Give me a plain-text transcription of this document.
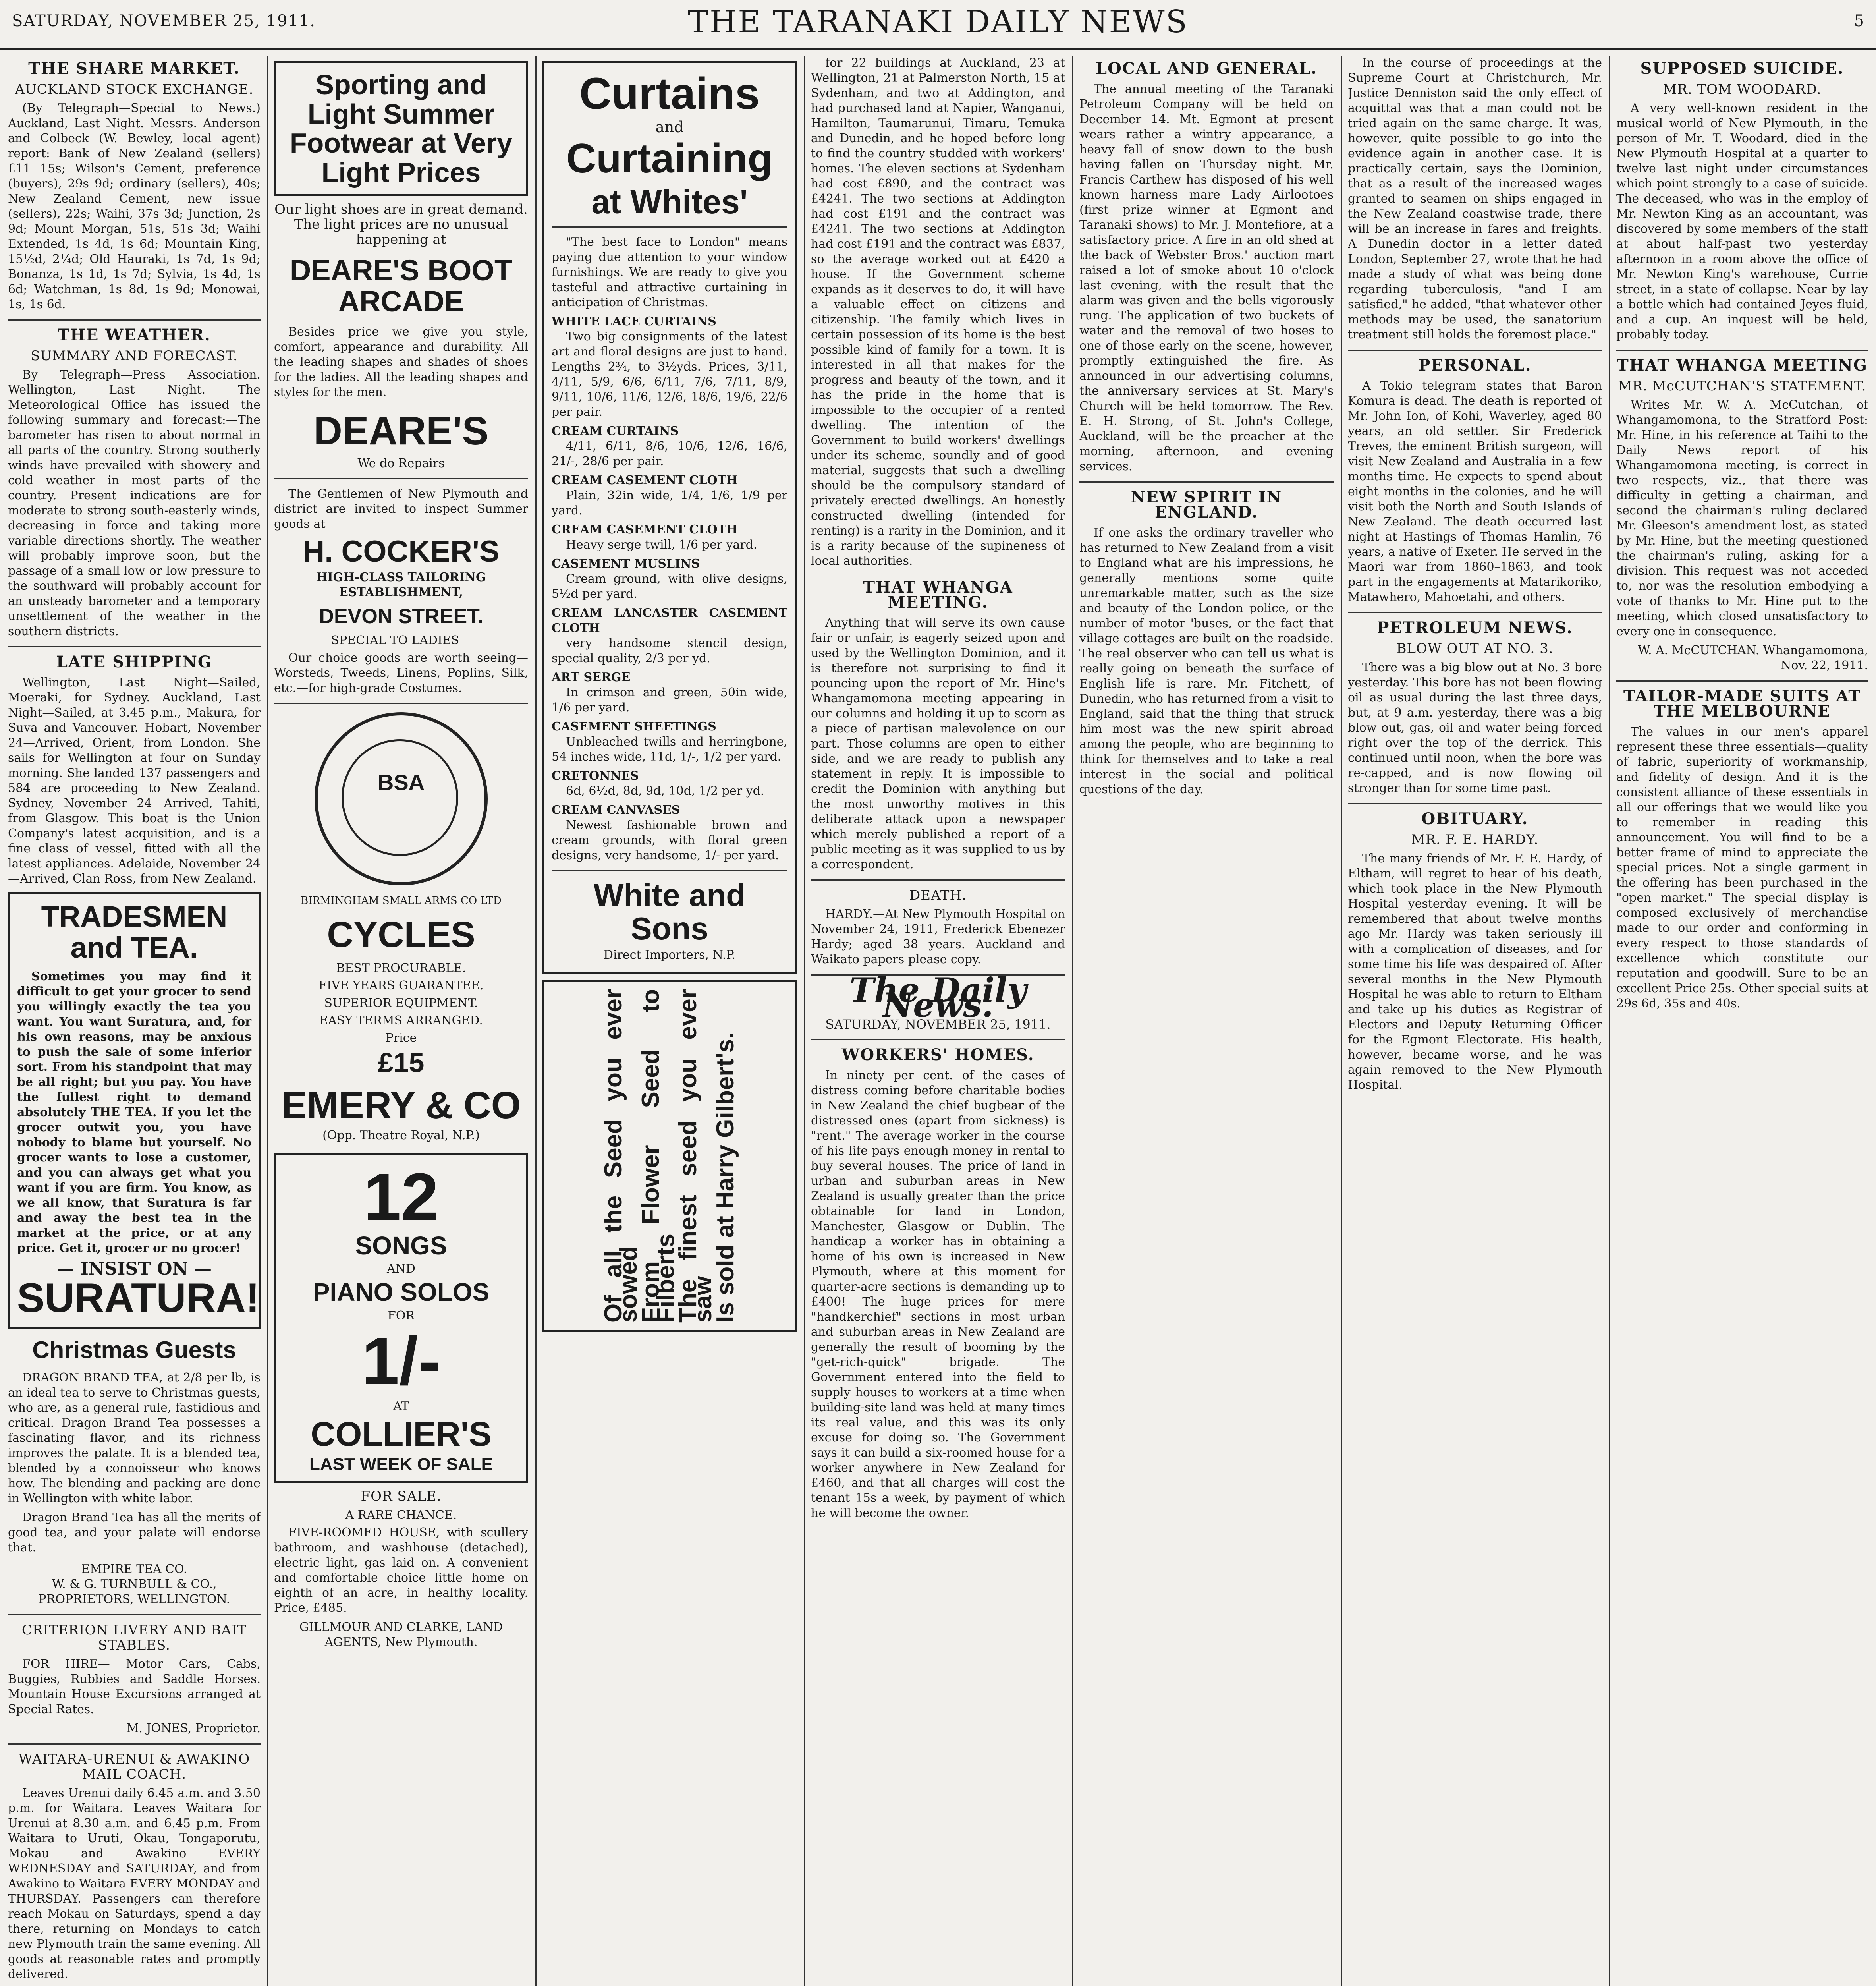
SATURDAY, NOVEMBER 25, 1911.	THE TARANAKI DAILY NEWS	5
THE SHARE MARKET.
AUCKLAND STOCK EXCHANGE.

(By Telegraph—Special to News.) Auckland, Last Night. Messrs. Anderson and Colbeck (W. Bewley, local agent) report: Bank of New Zealand (sellers) £11 15s; Wilson's Cement, preference (buyers), 29s 9d; ordinary (sellers), 40s; New Zealand Cement, new issue (sellers), 22s; Waihi, 37s 3d; Junction, 2s 9d; Mount Morgan, 51s, 51s 3d; Waihi Extended, 1s 4d, 1s 6d; Mountain King, 15½d, 2¼d; Old Hauraki, 1s 7d, 1s 9d; Bonanza, 1s 1d, 1s 7d; Sylvia, 1s 4d, 1s 6d; Watchman, 1s 8d, 1s 9d; Monowai, 1s, 1s 6d.

THE WEATHER.
SUMMARY AND FORECAST.

By Telegraph—Press Association. Wellington, Last Night. The Meteorological Office has issued the following summary and forecast:—The barometer has risen to about normal in all parts of the country. Strong southerly winds have prevailed with showery and cold weather in most parts of the country. Present indications are for moderate to strong south-easterly winds, decreasing in force and taking more variable directions shortly. The weather will probably improve soon, but the passage of a small low or low pressure to the southward will probably account for an unsteady barometer and a temporary unsettlement of the weather in the southern districts.

LATE SHIPPING

Wellington, Last Night—Sailed, Moeraki, for Sydney. Auckland, Last Night—Sailed, at 3.45 p.m., Makura, for Suva and Vancouver. Hobart, November 24—Arrived, Orient, from London. She sails for Wellington at four on Sunday morning. She landed 137 passengers and 584 are proceeding to New Zealand. Sydney, November 24—Arrived, Tahiti, from Glasgow. This boat is the Union Company's latest acquisition, and is a fine class of vessel, fitted with all the latest appliances. Adelaide, November 24—Arrived, Clan Ross, from New Zealand.

TRADESMEN and TEA.

Sometimes you may find it difficult to get your grocer to send you willingly exactly the tea you want. You want Suratura, and, for his own reasons, may be anxious to push the sale of some inferior sort. From his standpoint that may be all right; but you pay. You have the fullest right to demand absolutely THE TEA. If you let the grocer outwit you, you have nobody to blame but yourself. No grocer wants to lose a customer, and you can always get what you want if you are firm. You know, as we all know, that Suratura is far and away the best tea in the market at the price, or at any price. Get it, grocer or no grocer!

— INSIST ON —
SURATURA!
Christmas Guests

DRAGON BRAND TEA, at 2/8 per lb, is an ideal tea to serve to Christmas guests, who are, as a general rule, fastidious and critical. Dragon Brand Tea possesses a fascinating flavor, and its richness improves the palate. It is a blended tea, blended by a connoisseur who knows how. The blending and packing are done in Wellington with white labor.

Dragon Brand Tea has all the merits of good tea, and your palate will endorse that.

EMPIRE TEA CO.
W. & G. TURNBULL & CO., PROPRIETORS, WELLINGTON.
CRITERION LIVERY AND BAIT STABLES.

FOR HIRE— Motor Cars, Cabs, Buggies, Rubbies and Saddle Horses. Mountain House Excursions arranged at Special Rates.

M. JONES, Proprietor.
WAITARA-URENUI & AWAKINO MAIL COACH.

Leaves Urenui daily 6.45 a.m. and 3.50 p.m. for Waitara. Leaves Waitara for Urenui at 8.30 a.m. and 6.45 p.m. From Waitara to Uruti, Okau, Tongaporutu, Mokau and Awakino EVERY WEDNESDAY and SATURDAY, and from Awakino to Waitara EVERY MONDAY and THURSDAY. Passengers can therefore reach Mokau on Saturdays, spend a day there, returning on Mondays to catch new Plymouth train the same evening. All goods at reasonable rates and promptly delivered.

Sporting and Light Summer Footwear at Very Light Prices

Our light shoes are in great demand. The light prices are no unusual happening at

DEARE'S BOOT ARCADE

Besides price we give you style, comfort, appearance and durability. All the leading shapes and shades of shoes for the ladies. All the leading shapes and styles for the men.

DEARE'S
We do Repairs

The Gentlemen of New Plymouth and district are invited to inspect Summer goods at

H. COCKER'S
HIGH-CLASS TAILORING ESTABLISHMENT,
DEVON STREET.
SPECIAL TO LADIES—

Our choice goods are worth seeing—Worsteds, Tweeds, Linens, Poplins, Silk, etc.—for high-grade Costumes.

BSA
BIRMINGHAM SMALL ARMS CO LTD
CYCLES
BEST PROCURABLE.
FIVE YEARS GUARANTEE.
SUPERIOR EQUIPMENT.
EASY TERMS ARRANGED.
Price
£15
EMERY & CO
(Opp. Theatre Royal, N.P.)
12
SONGS
AND
PIANO SOLOS
FOR
1/-
AT
COLLIER'S
LAST WEEK OF SALE
FOR SALE.
A RARE CHANCE.

FIVE-ROOMED HOUSE, with scullery bathroom, and washhouse (detached), electric light, gas laid on. A convenient and comfortable choice little home on eighth of an acre, in healthy locality. Price, £485.

GILLMOUR AND CLARKE, LAND AGENTS, New Plymouth.
Curtains
and
Curtaining
at Whites'

"The best face to London" means paying due attention to your window furnishings. We are ready to give you tasteful and attractive curtaining in anticipation of Christmas.

WHITE LACE CURTAINS

Two big consignments of the latest art and floral designs are just to hand. Lengths 2¾, to 3½yds. Prices, 3/11, 4/11, 5/9, 6/6, 6/11, 7/6, 7/11, 8/9, 9/11, 10/6, 11/6, 12/6, 18/6, 19/6, 22/6 per pair.

CREAM CURTAINS

4/11, 6/11, 8/6, 10/6, 12/6, 16/6, 21/-, 28/6 per pair.

CREAM CASEMENT CLOTH

Plain, 32in wide, 1/4, 1/6, 1/9 per yard.

CREAM CASEMENT CLOTH

Heavy serge twill, 1/6 per yard.

CASEMENT MUSLINS

Cream ground, with olive designs, 5½d per yard.

CREAM LANCASTER CASEMENT CLOTH

very handsome stencil design, special quality, 2/3 per yd.

ART SERGE

In crimson and green, 50in wide, 1/6 per yard.

CASEMENT SHEETINGS

Unbleached twills and herringbone, 54 inches wide, 11d, 1/-, 1/2 per yard.

CRETONNES

6d, 6½d, 8d, 9d, 10d, 1/2 per yd.

CREAM CANVASES

Newest fashionable brown and cream grounds, with floral green designs, very handsome, 1/- per yard.

White and Sons
Direct Importers, N.P.
Of all the Seed you ever sowed
From Flower Seed to Filberts
The finest seed you ever saw
Is sold at Harry Gilbert's.

for 22 buildings at Auckland, 23 at Wellington, 21 at Palmerston North, 15 at Sydenham, and two at Addington, and had purchased land at Napier, Wanganui, Hamilton, Taumarunui, Timaru, Temuka and Dunedin, and he hoped before long to find the country studded with workers' homes. The eleven sections at Sydenham had cost £890, and the contract was £4241. The two sections at Addington had cost £191 and the contract was £4241. The two sections at Addington had cost £191 and the contract was £837, so the average worked out at £420 a house. If the Government scheme expands as it deserves to do, it will have a valuable effect on citizens and citizenship. The family which lives in certain possession of its home is the best possible kind of family for a town. It is interested in all that makes for the progress and beauty of the town, and it has the pride in the home that is impossible to the occupier of a rented dwelling. The intention of the Government to build workers' dwellings under its scheme, soundly and of good material, suggests that such a dwelling should be the compulsory standard of privately erected dwellings. An honestly constructed dwelling (intended for renting) is a rarity in the Dominion, and it is a rarity because of the supineness of local authorities.

THAT WHANGA MEETING.

Anything that will serve its own cause fair or unfair, is eagerly seized upon and used by the Wellington Dominion, and it is therefore not surprising to find it pouncing upon the report of Mr. Hine's Whangamomona meeting appearing in our columns and holding it up to scorn as a piece of partisan malevolence on our part. Those columns are open to either side, and we are ready to publish any statement in reply. It is impossible to credit the Dominion with anything but the most unworthy motives in this deliberate attack upon a newspaper which merely published a report of a public meeting as it was supplied to us by a correspondent.

DEATH.

HARDY.—At New Plymouth Hospital on November 24, 1911, Frederick Ebenezer Hardy; aged 38 years. Auckland and Waikato papers please copy.

The Daily News.
SATURDAY, NOVEMBER 25, 1911.
WORKERS' HOMES.

In ninety per cent. of the cases of distress coming before charitable bodies in New Zealand the chief bugbear of the distressed ones (apart from sickness) is "rent." The average worker in the course of his life pays enough money in rental to buy several houses. The price of land in urban and suburban areas in New Zealand is usually greater than the price obtainable for land in London, Manchester, Glasgow or Dublin. The handicap a worker has in obtaining a home of his own is increased in New Plymouth, where at this moment for quarter-acre sections is demanding up to £400! The huge prices for mere "handkerchief" sections in most urban and suburban areas in New Zealand are generally the result of booming by the "get-rich-quick" brigade. The Government entered into the field to supply houses to workers at a time when building-site land was held at many times its real value, and this was its only excuse for doing so. The Government says it can build a six-roomed house for a worker anywhere in New Zealand for £460, and that all charges will cost the tenant 15s a week, by payment of which he will become the owner.

LOCAL AND GENERAL.

The annual meeting of the Taranaki Petroleum Company will be held on December 14. Mt. Egmont at present wears rather a wintry appearance, a heavy fall of snow down to the bush having fallen on Thursday night. Mr. Francis Carthew has disposed of his well known harness mare Lady Airlootoes (first prize winner at Egmont and Taranaki shows) to Mr. J. Montefiore, at a satisfactory price. A fire in an old shed at the back of Webster Bros.' auction mart raised a lot of smoke about 10 o'clock last evening, with the result that the alarm was given and the bells vigorously rung. The application of two buckets of water and the removal of two hoses to one of those early on the scene, however, promptly extinguished the fire. As announced in our advertising columns, the anniversary services at St. Mary's Church will be held tomorrow. The Rev. E. H. Strong, of St. John's College, Auckland, will be the preacher at the morning, afternoon, and evening services.

NEW SPIRIT IN ENGLAND.

If one asks the ordinary traveller who has returned to New Zealand from a visit to England what are his impressions, he generally mentions some quite unremarkable matter, such as the size and beauty of the London police, or the number of motor 'buses, or the fact that village cottages are built on the roadside. The real observer who can tell us what is really going on beneath the surface of English life is rare. Mr. Fitchett, of Dunedin, who has returned from a visit to England, said that the thing that struck him most was the new spirit abroad among the people, who are beginning to think for themselves and to take a real interest in the social and political questions of the day.

In the course of proceedings at the Supreme Court at Christchurch, Mr. Justice Denniston said the only effect of acquittal was that a man could not be tried again on the same charge. It was, however, quite possible to go into the evidence again in another case. It is practically certain, says the Dominion, that as a result of the increased wages granted to seamen on ships engaged in the New Zealand coastwise trade, there will be an increase in fares and freights. A Dunedin doctor in a letter dated London, September 27, wrote that he had made a study of what was being done regarding tuberculosis, "and I am satisfied," he added, "that whatever other methods may be used, the sanatorium treatment still holds the foremost place."

PERSONAL.

A Tokio telegram states that Baron Komura is dead. The death is reported of Mr. John Ion, of Kohi, Waverley, aged 80 years, an old settler. Sir Frederick Treves, the eminent British surgeon, will visit New Zealand and Australia in a few months time. He expects to spend about eight months in the colonies, and he will visit both the North and South Islands of New Zealand. The death occurred last night at Hastings of Thomas Hamlin, 76 years, a native of Exeter. He served in the Maori war from 1860–1863, and took part in the engagements at Matarikoriko, Matawhero, Mahoetahi, and others.

PETROLEUM NEWS.
BLOW OUT AT NO. 3.

There was a big blow out at No. 3 bore yesterday. This bore has not been flowing oil as usual during the last three days, but, at 9 a.m. yesterday, there was a big blow out, gas, oil and water being forced right over the top of the derrick. This continued until noon, when the bore was re-capped, and is now flowing oil stronger than for some time past.

OBITUARY.
MR. F. E. HARDY.

The many friends of Mr. F. E. Hardy, of Eltham, will regret to hear of his death, which took place in the New Plymouth Hospital yesterday evening. It will be remembered that about twelve months ago Mr. Hardy was taken seriously ill with a complication of diseases, and for some time his life was despaired of. After several months in the New Plymouth Hospital he was able to return to Eltham and take up his duties as Registrar of Electors and Deputy Returning Officer for the Egmont Electorate. His health, however, became worse, and he was again removed to the New Plymouth Hospital.

SUPPOSED SUICIDE.
MR. TOM WOODARD.

A very well-known resident in the musical world of New Plymouth, in the person of Mr. T. Woodard, died in the New Plymouth Hospital at a quarter to twelve last night under circumstances which point strongly to a case of suicide. The deceased, who was in the employ of Mr. Newton King as an accountant, was discovered by some members of the staff at about half-past two yesterday afternoon in a room above the office of Mr. Newton King's warehouse, Currie street, in a state of collapse. Near by lay a bottle which had contained Jeyes fluid, and a cup. An inquest will be held, probably today.

THAT WHANGA MEETING
MR. McCUTCHAN'S STATEMENT.

Writes Mr. W. A. McCutchan, of Whangamomona, to the Stratford Post: Mr. Hine, in his reference at Taihi to the Daily News report of his Whangamomona meeting, is correct in two respects, viz., that there was difficulty in getting a chairman, and second the chairman's ruling declared Mr. Gleeson's amendment lost, as stated by Mr. Hine, but the meeting questioned the chairman's ruling, asking for a division. This request was not acceded to, nor was the resolution embodying a vote of thanks to Mr. Hine put to the meeting, which closed unsatisfactory to every one in consequence.

W. A. McCUTCHAN. Whangamomona, Nov. 22, 1911.
TAILOR-MADE SUITS AT THE MELBOURNE

The values in our men's apparel represent these three essentials—quality of fabric, superiority of workmanship, and fidelity of design. And it is the consistent alliance of these essentials in all our offerings that we would like you to remember in reading this announcement. You will find to be a better frame of mind to appreciate the special prices. Not a single garment in the offering has been purchased in the "open market." The special display is composed exclusively of merchandise made to our order and conforming in every respect to those standards of excellence which constitute our reputation and goodwill. Sure to be an excellent Price 25s. Other special suits at 29s 6d, 35s and 40s.
